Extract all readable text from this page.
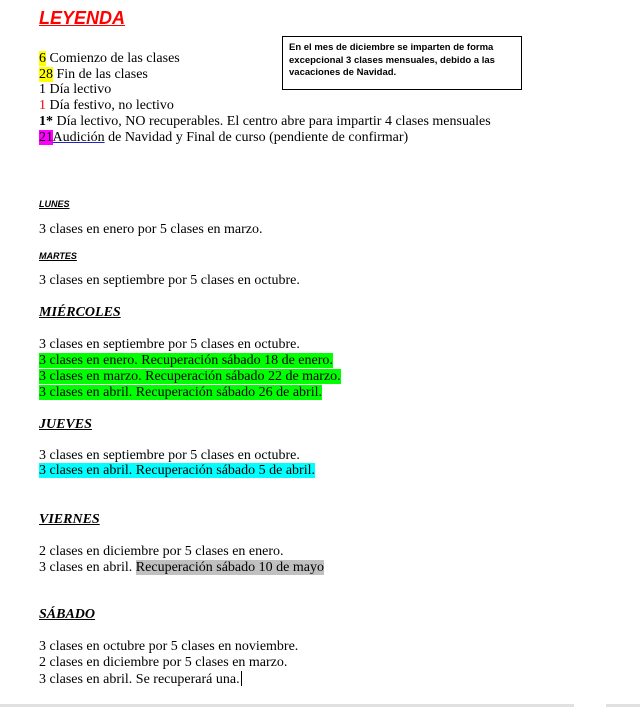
LEYENDA
En el mes de diciembre se imparten de forma excepcional 3 clases mensuales, debido a las vacaciones de Navidad.
6 Comienzo de las clases
28 Fin de las clases
1 Día lectivo
1 Día festivo, no lectivo
1* Día lectivo, NO recuperables. El centro abre para impartir 4 clases mensuales
21 Audición de Navidad y Final de curso (pendiente de confirmar)
LUNES
3 clases en enero por 5 clases en marzo.
MARTES
3 clases en septiembre por 5 clases en octubre.
MIÉRCOLES
3 clases en septiembre por 5 clases en octubre.
3 clases en enero. Recuperación sábado 18 de enero.
3 clases en marzo. Recuperación sábado 22 de marzo.
3 clases en abril. Recuperación sábado 26 de abril.
JUEVES
3 clases en septiembre por 5 clases en octubre.
3 clases en abril. Recuperación sábado 5 de abril.
VIERNES
2 clases en diciembre por 5 clases en enero.
3 clases en abril. Recuperación sábado 10 de mayo
SÁBADO
3 clases en octubre por 5 clases en noviembre.
2 clases en diciembre por 5 clases en marzo.
3 clases en abril. Se recuperará una.
